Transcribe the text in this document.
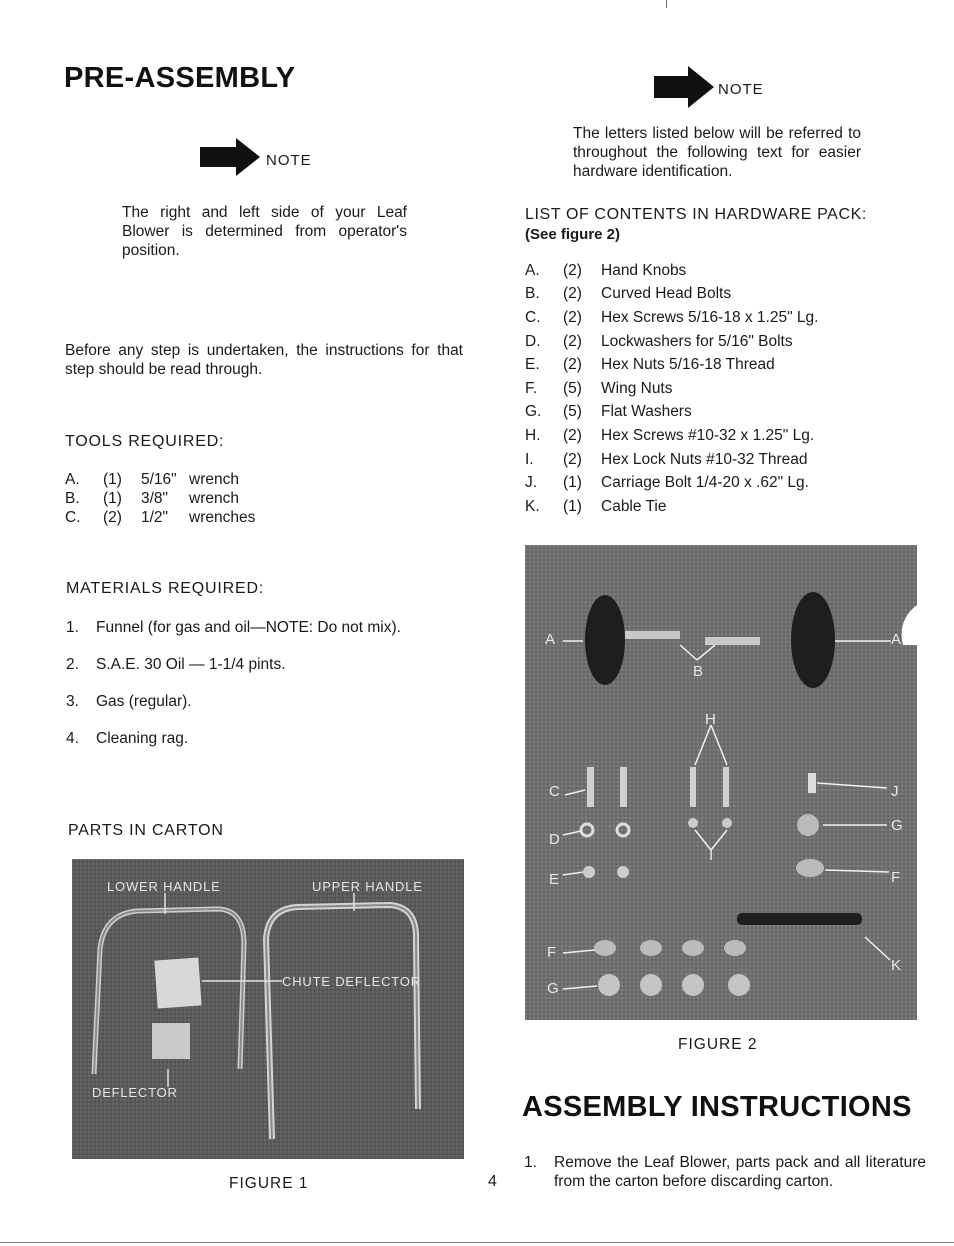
PRE-ASSEMBLY
NOTE
The right and left side of your Leaf Blower is determined from operator's position.
Before any step is undertaken, the instructions for that step should be read through.
TOOLS REQUIRED:
A.	(1)	5/16" wrench
B.	(1)	3/8"	wrench
C.	(2)	1/2"	wrenches
MATERIALS REQUIRED:
1.	Funnel (for gas and oil—NOTE: Do not mix).
2.	S.A.E. 30 Oil — 1-1/4 pints.
3.	Gas (regular).
4.	Cleaning rag.
PARTS IN CARTON
LOWER HANDLE	UPPER HANDLE
CHUTE DEFLECTOR
DEFLECTOR
FIGURE 1	4
NOTE
The letters listed below will be referred to throughout the following text for easier hardware identification.
LIST OF CONTENTS IN HARDWARE PACK:
(See figure 2)
A.	(2)	Hand Knobs
B.	(2)	Curved Head Bolts
C.	(2)	Hex Screws 5/16-18 x 1.25" Lg.
D.	(2)	Lockwashers for 5/16" Bolts
E.	(2)	Hex Nuts 5/16-18 Thread
F.	(5)	Wing Nuts
G.	(5)	Flat Washers
H.	(2)	Hex Screws #10-32 x 1.25" Lg.
I.	(2)	Hex Lock Nuts #10-32 Thread
J.	(1)	Carriage Bolt 1/4-20 x .62" Lg.
K.	(1)	Cable Tie
A	A
B
H
C	J
D
G
I
E	F
K
F
G
FIGURE 2
ASSEMBLY INSTRUCTIONS
1.	Remove the Leaf Blower, parts pack and all literature from the carton before discarding carton.
